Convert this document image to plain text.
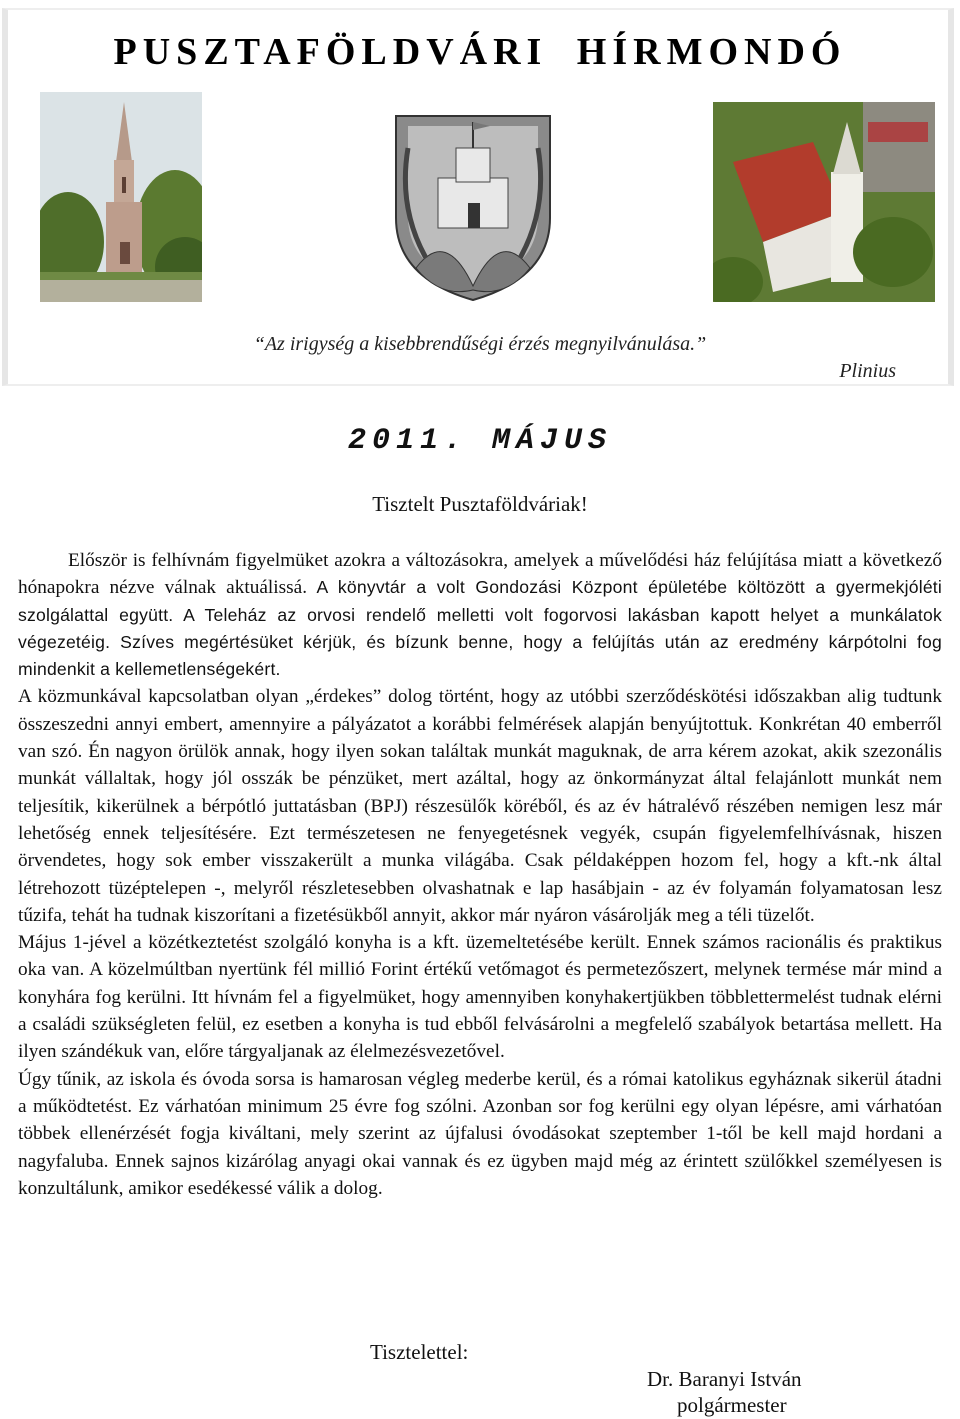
PUSZTAFÖLDVÁRI HÍRMONDÓ
“Az irigység a kisebbrendűségi érzés megnyilvánulása.”
Plinius
2011. MÁJUS
Tisztelt Pusztaföldváriak!

Először is felhívnám figyelmüket azokra a változásokra, amelyek a művelődési ház felújítása miatt a következő hónapokra nézve válnak aktuálissá. A könyvtár a volt Gondozási Központ épületébe költözött a gyermekjóléti szolgálattal együtt. A Teleház az orvosi rendelő melletti volt fogorvosi lakásban kapott helyet a munkálatok végezetéig. Szíves megértésüket kérjük, és bízunk benne, hogy a felújítás után az eredmény kárpótolni fog mindenkit a kellemetlenségekért.

A közmunkával kapcsolatban olyan „érdekes” dolog történt, hogy az utóbbi szerződéskötési időszakban alig tudtunk összeszedni annyi embert, amennyire a pályázatot a korábbi felmérések alapján benyújtottuk. Konkrétan 40 emberről van szó. Én nagyon örülök annak, hogy ilyen sokan találtak munkát maguknak, de arra kérem azokat, akik szezonális munkát vállaltak, hogy jól osszák be pénzüket, mert azáltal, hogy az önkormányzat által felajánlott munkát nem teljesítik, kikerülnek a bérpótló juttatásban (BPJ) részesülők köréből, és az év hátralévő részében nemigen lesz már lehetőség ennek teljesítésére. Ezt természetesen ne fenyegetésnek vegyék, csupán figyelemfelhívásnak, hiszen örvendetes, hogy sok ember visszakerült a munka világába. Csak példaképpen hozom fel, hogy a kft.-nk által létrehozott tüzéptelepen -, melyről részletesebben olvashatnak e lap hasábjain - az év folyamán folyamatosan lesz tűzifa, tehát ha tudnak kiszorítani a fizetésükből annyit, akkor már nyáron vásárolják meg a téli tüzelőt.

Május 1-jével a közétkeztetést szolgáló konyha is a kft. üzemeltetésébe került. Ennek számos racionális és praktikus oka van. A közelmúltban nyertünk fél millió Forint értékű vetőmagot és permetezőszert, melynek termése már mind a konyhára fog kerülni. Itt hívnám fel a figyelmüket, hogy amennyiben konyhakertjükben többlettermelést tudnak elérni a családi szükségleten felül, ez esetben a konyha is tud ebből felvásárolni a megfelelő szabályok betartása mellett. Ha ilyen szándékuk van, előre tárgyaljanak az élelmezésvezetővel.

Úgy tűnik, az iskola és óvoda sorsa is hamarosan végleg mederbe kerül, és a római katolikus egyháznak sikerül átadni a működtetést. Ez várhatóan minimum 25 évre fog szólni. Azonban sor fog kerülni egy olyan lépésre, ami várhatóan többek ellenérzését fogja kiváltani, mely szerint az újfalusi óvodásokat szeptember 1-től be kell majd hordani a nagyfaluba. Ennek sajnos kizárólag anyagi okai vannak és ez ügyben majd még az érintett szülőkkel személyesen is konzultálunk, amikor esedékessé válik a dolog.

Tisztelettel:
Dr. Baranyi István
polgármester
